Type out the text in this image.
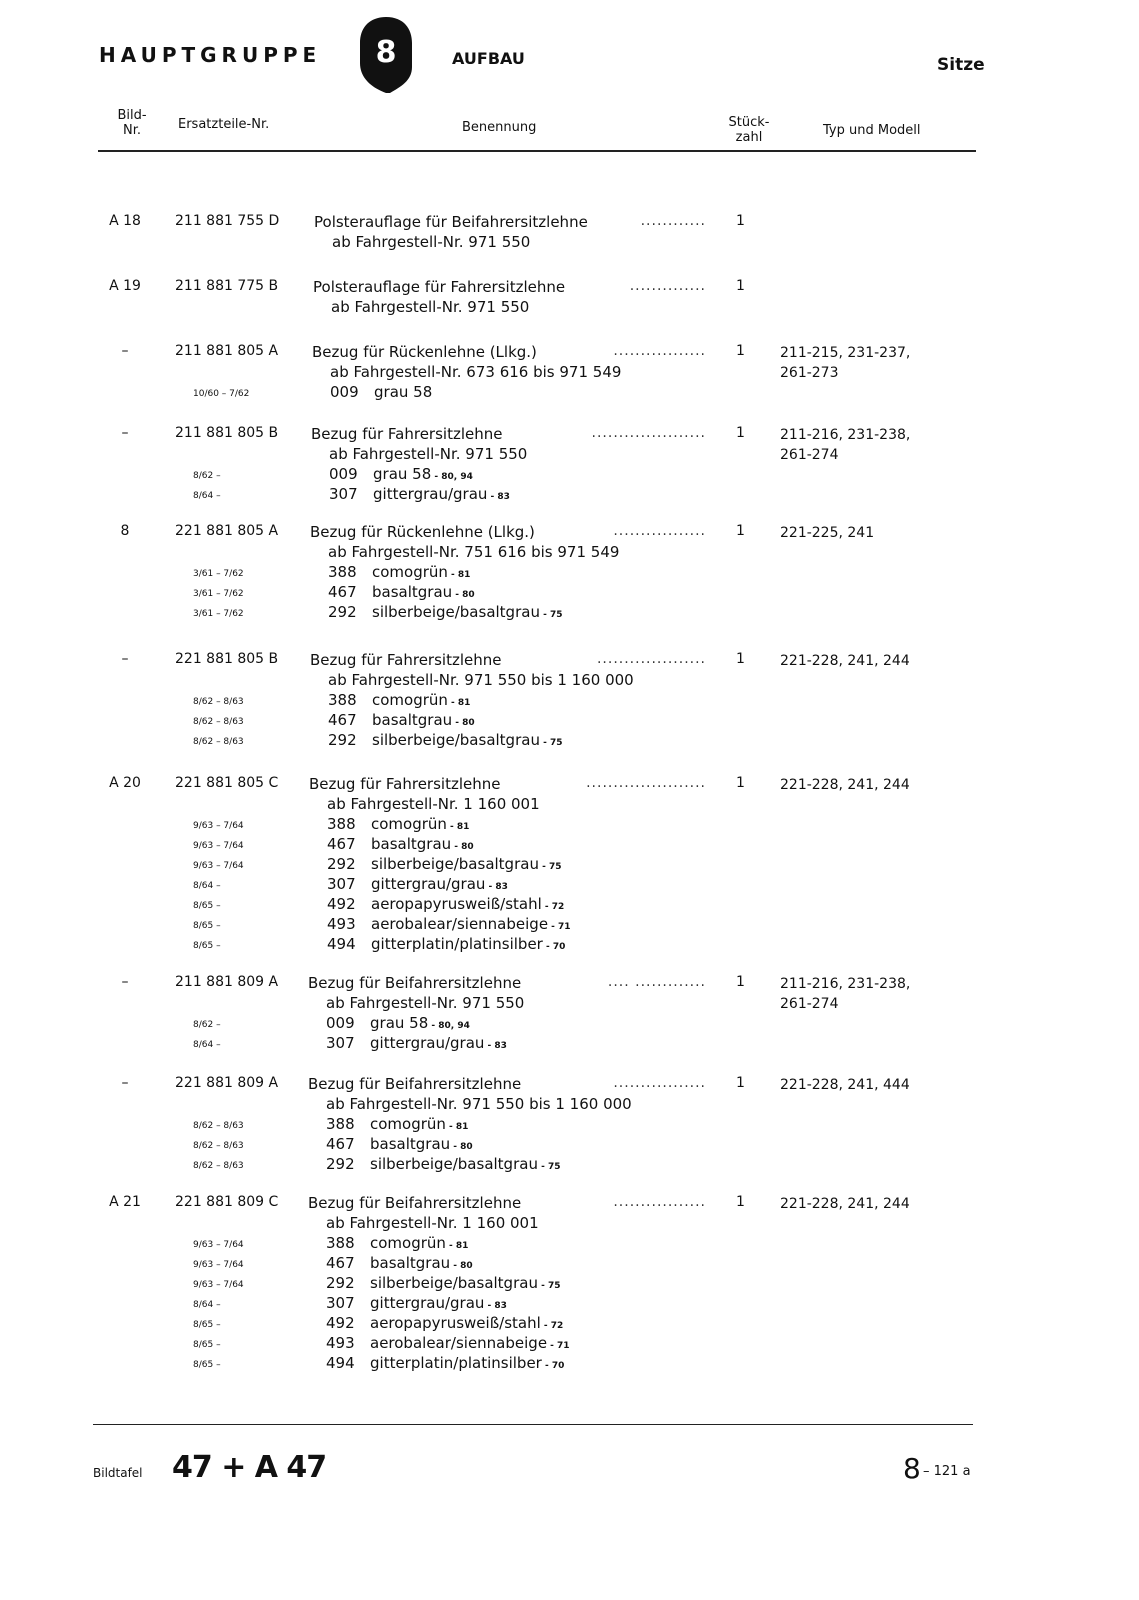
HAUPTGRUPPE	8	AUFBAU	Sitze
Bild-
Nr.	Ersatzteile-Nr.	Benennung	Stück-
zahl	Typ und Modell
A 18	211 881 755 D Polsterauflage für Beifahrersitzlehne	............ 1
ab Fahrgestell-Nr. 971 550
A 19	211 881 775 B Polsterauflage für Fahrersitzlehne	.............. 1
ab Fahrgestell-Nr. 971 550
–	211 881 805 A Bezug für Rückenlehne (Llkg.)	................. 1	211-215, 231-237,
261-273
ab Fahrgestell-Nr. 673 616 bis 971 549
10/60 – 7/62	009 grau 58
–	211 881 805 B Bezug für Fahrersitzlehne	..................... 1	211-216, 231-238,
261-274
ab Fahrgestell-Nr. 971 550
8/62 –	009 grau 58 - 80, 94
8/64 –	307 gittergrau/grau - 83
8	221 881 805 A Bezug für Rückenlehne (Llkg.)	................. 1	221-225, 241
ab Fahrgestell-Nr. 751 616 bis 971 549
3/61 – 7/62	388 comogrün - 81
3/61 – 7/62	467 basaltgrau - 80
3/61 – 7/62	292 silberbeige/basaltgrau - 75
–	221 881 805 B Bezug für Fahrersitzlehne	.................... 1	221-228, 241, 244
ab Fahrgestell-Nr. 971 550 bis 1 160 000
8/62 – 8/63	388 comogrün - 81
8/62 – 8/63	467 basaltgrau - 80
8/62 – 8/63	292 silberbeige/basaltgrau - 75
A 20	221 881 805 C Bezug für Fahrersitzlehne	...................... 1	221-228, 241, 244
ab Fahrgestell-Nr. 1 160 001
9/63 – 7/64	388 comogrün - 81
9/63 – 7/64	467 basaltgrau - 80
9/63 – 7/64	292 silberbeige/basaltgrau - 75
8/64 –	307 gittergrau/grau - 83
8/65 –	492 aeropapyrusweiß/stahl - 72
8/65 –	493 aerobalear/siennabeige - 71
8/65 –	494 gitterplatin/platinsilber - 70
–	211 881 809 A Bezug für Beifahrersitzlehne	.... ............. 1	211-216, 231-238,
261-274
ab Fahrgestell-Nr. 971 550
8/62 –	009 grau 58 - 80, 94
8/64 –	307 gittergrau/grau - 83
–	221 881 809 A Bezug für Beifahrersitzlehne	................. 1	221-228, 241, 444
ab Fahrgestell-Nr. 971 550 bis 1 160 000
8/62 – 8/63	388 comogrün - 81
8/62 – 8/63	467 basaltgrau - 80
8/62 – 8/63	292 silberbeige/basaltgrau - 75
A 21	221 881 809 C Bezug für Beifahrersitzlehne	................. 1	221-228, 241, 244
ab Fahrgestell-Nr. 1 160 001
9/63 – 7/64	388 comogrün - 81
9/63 – 7/64	467 basaltgrau - 80
9/63 – 7/64	292 silberbeige/basaltgrau - 75
8/64 –	307 gittergrau/grau - 83
8/65 –	492 aeropapyrusweiß/stahl - 72
8/65 –	493 aerobalear/siennabeige - 71
8/65 –	494 gitterplatin/platinsilber - 70
Bildtafel 47 + A 47	8 – 121 a
